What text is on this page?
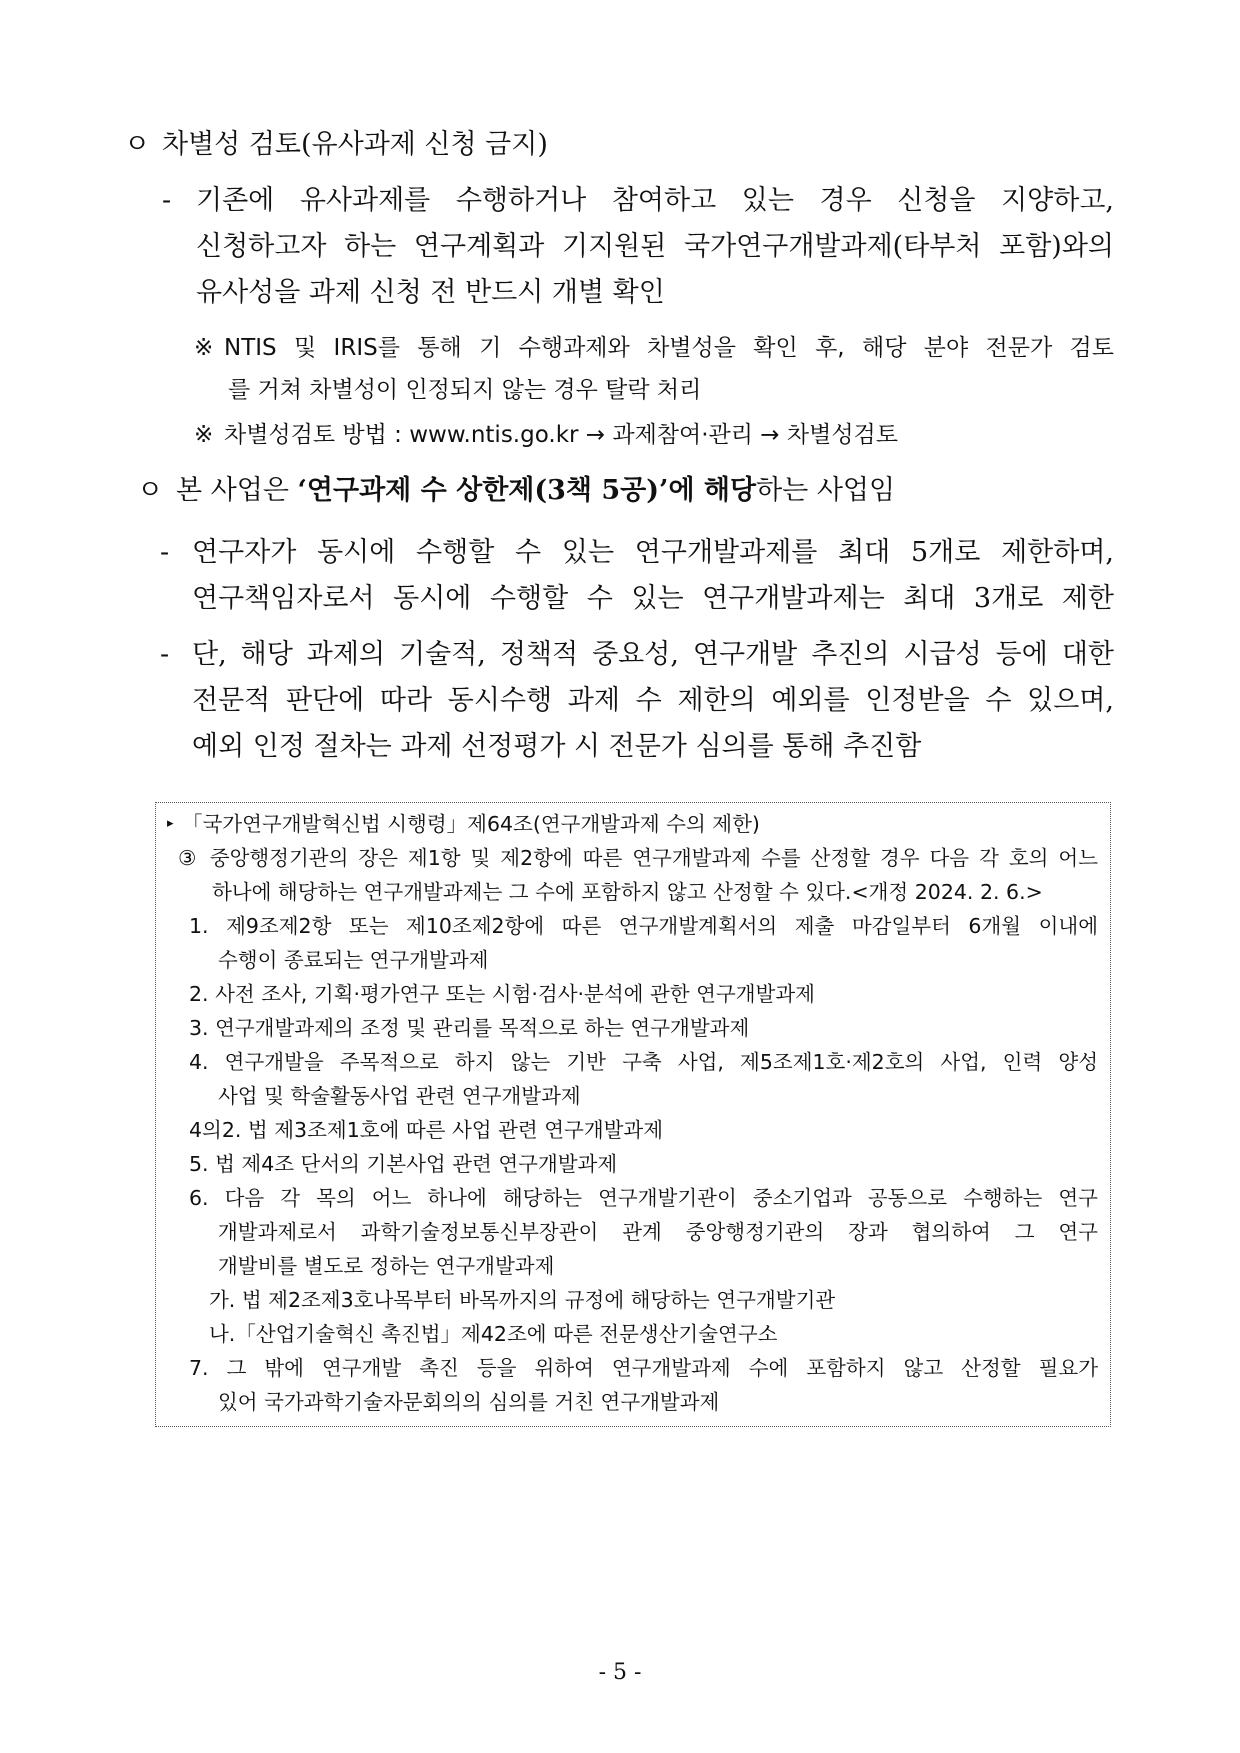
ㅇ 차별성 검토(유사과제 신청 금지)
- 기존에 유사과제를 수행하거나 참여하고 있는 경우 신청을 지양하고,
신청하고자 하는 연구계획과 기지원된 국가연구개발과제(타부처 포함)와의
유사성을 과제 신청 전 반드시 개별 확인
※ NTIS 및 IRIS를 통해 기 수행과제와 차별성을 확인 후, 해당 분야 전문가 검토
를 거쳐 차별성이 인정되지 않는 경우 탈락 처리
※ 차별성검토 방법 : www.ntis.go.kr → 과제참여·관리 → 차별성검토
ㅇ 본 사업은 ‘연구과제 수 상한제(3책 5공)’에 해당하는 사업임
- 연구자가 동시에 수행할 수 있는 연구개발과제를 최대 5개로 제한하며,
연구책임자로서 동시에 수행할 수 있는 연구개발과제는 최대 3개로 제한
- 단, 해당 과제의 기술적, 정책적 중요성, 연구개발 추진의 시급성 등에 대한
전문적 판단에 따라 동시수행 과제 수 제한의 예외를 인정받을 수 있으며,
예외 인정 절차는 과제 선정평가 시 전문가 심의를 통해 추진함
▸ 「국가연구개발혁신법 시행령」제64조(연구개발과제 수의 제한)
③ 중앙행정기관의 장은 제1항 및 제2항에 따른 연구개발과제 수를 산정할 경우 다음 각 호의 어느
하나에 해당하는 연구개발과제는 그 수에 포함하지 않고 산정할 수 있다.<개정 2024. 2. 6.>
1. 제9조제2항 또는 제10조제2항에 따른 연구개발계획서의 제출 마감일부터 6개월 이내에
수행이 종료되는 연구개발과제
2. 사전 조사, 기획·평가연구 또는 시험·검사·분석에 관한 연구개발과제
3. 연구개발과제의 조정 및 관리를 목적으로 하는 연구개발과제
4. 연구개발을 주목적으로 하지 않는 기반 구축 사업, 제5조제1호·제2호의 사업, 인력 양성
사업 및 학술활동사업 관련 연구개발과제
4의2. 법 제3조제1호에 따른 사업 관련 연구개발과제
5. 법 제4조 단서의 기본사업 관련 연구개발과제
6. 다음 각 목의 어느 하나에 해당하는 연구개발기관이 중소기업과 공동으로 수행하는 연구
개발과제로서 과학기술정보통신부장관이 관계 중앙행정기관의 장과 협의하여 그 연구
개발비를 별도로 정하는 연구개발과제
가. 법 제2조제3호나목부터 바목까지의 규정에 해당하는 연구개발기관
나.「산업기술혁신 촉진법」제42조에 따른 전문생산기술연구소
7. 그 밖에 연구개발 촉진 등을 위하여 연구개발과제 수에 포함하지 않고 산정할 필요가
있어 국가과학기술자문회의의 심의를 거친 연구개발과제
- 5 -
